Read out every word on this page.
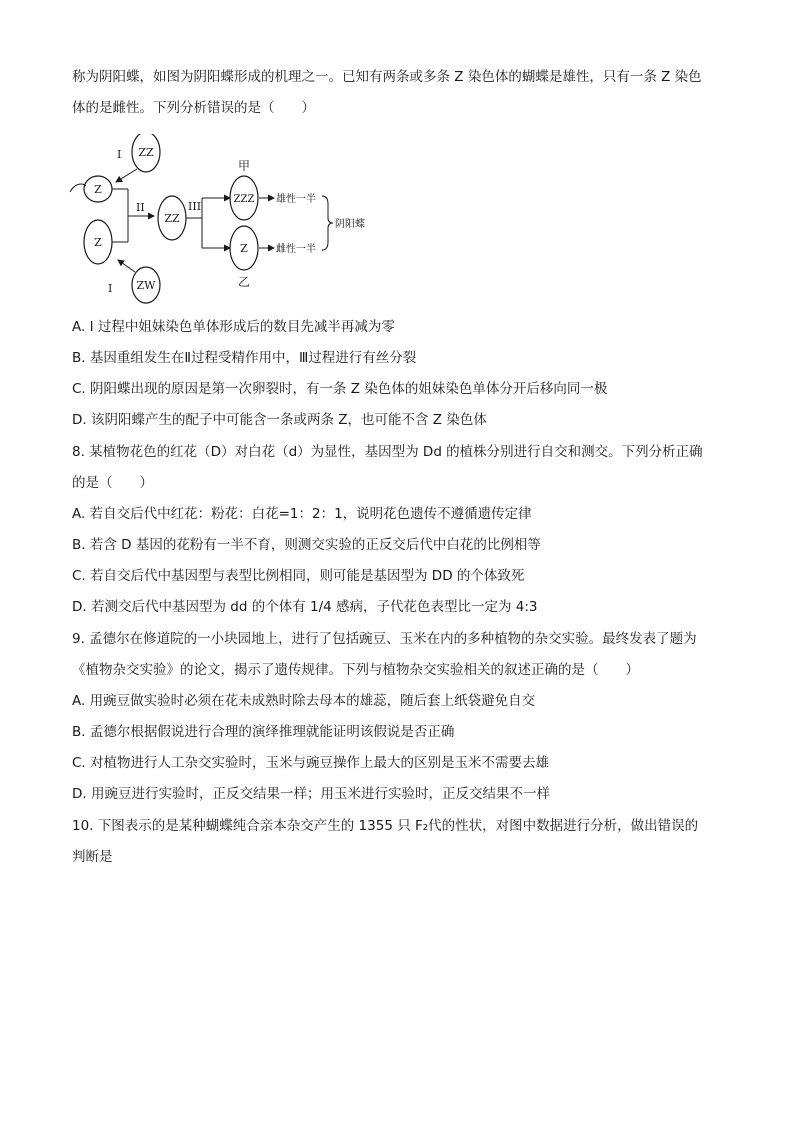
称为阴阳蝶，如图为阴阳蝶形成的机理之一。已知有两条或多条 Z 染色体的蝴蝶是雄性，只有一条 Z 染色
体的是雌性。下列分析错误的是（　　）
ZZ
I
Z
Z
II
ZW
I
ZZ
III
甲
ZZZ
Z
乙
雄性一半
雌性一半
阴阳蝶
A. I 过程中姐妹染色单体形成后的数目先减半再减为零
B. 基因重组发生在Ⅱ过程受精作用中，Ⅲ过程进行有丝分裂
C. 阴阳蝶出现的原因是第一次卵裂时，有一条 Z 染色体的姐妹染色单体分开后移向同一极
D. 该阴阳蝶产生的配子中可能含一条或两条 Z，也可能不含 Z 染色体
8. 某植物花色的红花（D）对白花（d）为显性，基因型为 Dd 的植株分别进行自交和测交。下列分析正确
的是（　　）
A. 若自交后代中红花：粉花：白花=1：2：1，说明花色遗传不遵循遗传定律
B. 若含 D 基因的花粉有一半不育，则测交实验的正反交后代中白花的比例相等
C. 若自交后代中基因型与表型比例相同，则可能是基因型为 DD 的个体致死
D. 若测交后代中基因型为 dd 的个体有 1/4 感病，子代花色表型比一定为 4:3
9. 孟德尔在修道院的一小块园地上，进行了包括豌豆、玉米在内的多种植物的杂交实验。最终发表了题为
《植物杂交实验》的论文，揭示了遗传规律。下列与植物杂交实验相关的叙述正确的是（　　）
A. 用豌豆做实验时必须在花未成熟时除去母本的雄蕊，随后套上纸袋避免自交
B. 孟德尔根据假说进行合理的演绎推理就能证明该假说是否正确
C. 对植物进行人工杂交实验时，玉米与豌豆操作上最大的区别是玉米不需要去雄
D. 用豌豆进行实验时，正反交结果一样；用玉米进行实验时，正反交结果不一样
10. 下图表示的是某种蝴蝶纯合亲本杂交产生的 1355 只 F₂代的性状，对图中数据进行分析，做出错误的
判断是
